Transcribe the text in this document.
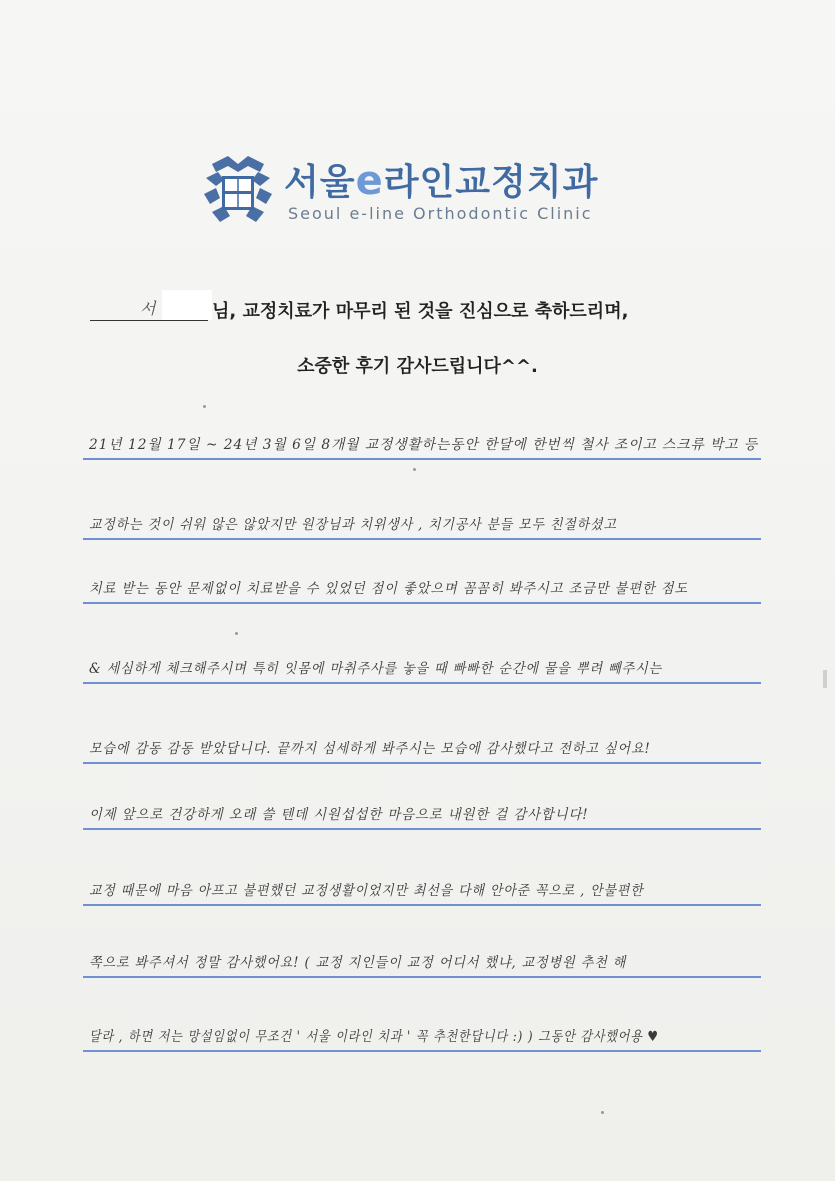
서울e라인교정치과
Seoul e-line Orthodontic Clinic
서	님, 교정치료가 마무리 된 것을 진심으로 축하드리며,
소중한 후기 감사드립니다^^.
21년 12월 17일 ~ 24년 3월 6일 8개월 교정생활하는동안 한달에 한번씩 철사 조이고 스크류 박고 등
교정하는 것이 쉬워 않은 않았지만 원장님과 치위생사 , 치기공사 분들 모두 친절하셨고
치료 받는 동안 문제없이 치료받을 수 있었던 점이 좋았으며 꼼꼼히 봐주시고 조금만 불편한 점도
& 세심하게 체크해주시며 특히 잇몸에 마취주사를 놓을 때 빠빠한 순간에 물을 뿌려 빼주시는
모습에 감동 감동 받았답니다. 끝까지 섬세하게 봐주시는 모습에 감사했다고 전하고 싶어요!
이제 앞으로 건강하게 오래 쓸 텐데 시원섭섭한 마음으로 내원한 걸 감사합니다!
교정 때문에 마음 아프고 불편했던 교정생활이었지만 최선을 다해 안아준 꼭으로 , 안불편한
쪽으로 봐주셔서 정말 감사했어요! ( 교정 지인들이 교정 어디서 했냐, 교정병원 추천 해
달라 , 하면 저는 망설임없이 무조건 ' 서울 이라인 치과 ' 꼭 추천한답니다 :) ) 그동안 감사했어용 ♥
